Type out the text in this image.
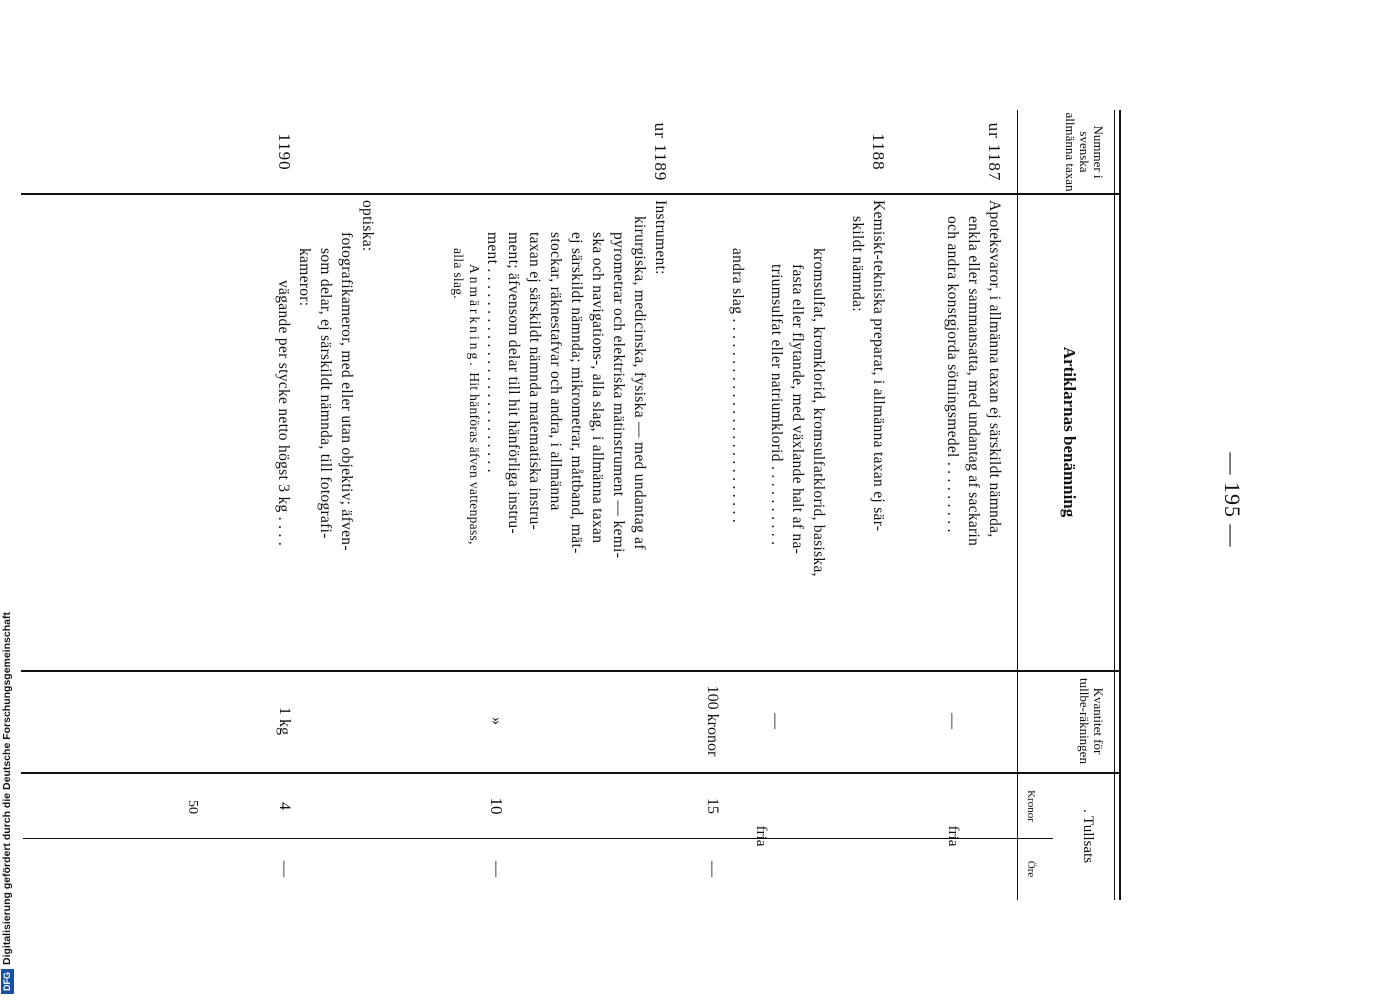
DFGDigitalisierung gefördert durch die Deutsche Forschungsgemeinschaft
— 195 —
Nummer i svenska allmänna taxan
Artiklarnas benämning
Kvantitet för tullbe-räkningen
. Tullsats
Kronor
Öre
ur 1187
Apoteksvaror, i allmänna taxan ej särskildt nämnda,
enkla eller sammansatta, med undantag af sackarin
och andra konstgjorda sötningsmedel . . . . . . . . .
—
fria
1188
Kemiskt-tekniska preparat, i allmänna taxan ej sär-
skildt nämnda:
kromsulfat, kromklorid, kromsulfatklorid, basiska,
fasta eller flytande, med växlande halt af na-
triumsulfat eller natriumklorid . . . . . . . . . .
andra slag . . . . . . . . . . . . . . . . . . . . . . . . .
—
fria
100 kronor
15
—
ur 1189
Instrument:
kirurgiska, medicinska, fysiska — med undantag af
pyrometrar och elektriska mätinstrument — kemi-
ska och navigations-, alla slag, i allmänna taxan
ej särskildt nämnda; mikrometrar, måttband, mät-
stockar, räknestafvar och andra, i allmänna
taxan ej särskildt nämnda matematiska instru-
ment; äfvensom delar till hit hänförliga instru-
ment . . . . . . . . . . . . . . . . . . . . . . . . .
Anmärkning. Hit hänföras äfven vattenpass,
alla slag.
»
10
—
optiska:
fotografikameror, med eller utan objektiv; äfven-
som delar, ej särskildt nämnda, till fotografi-
kameror:
vägande per stycke netto högst 3 kg . . . .
1190
1 kg
4
—
50
